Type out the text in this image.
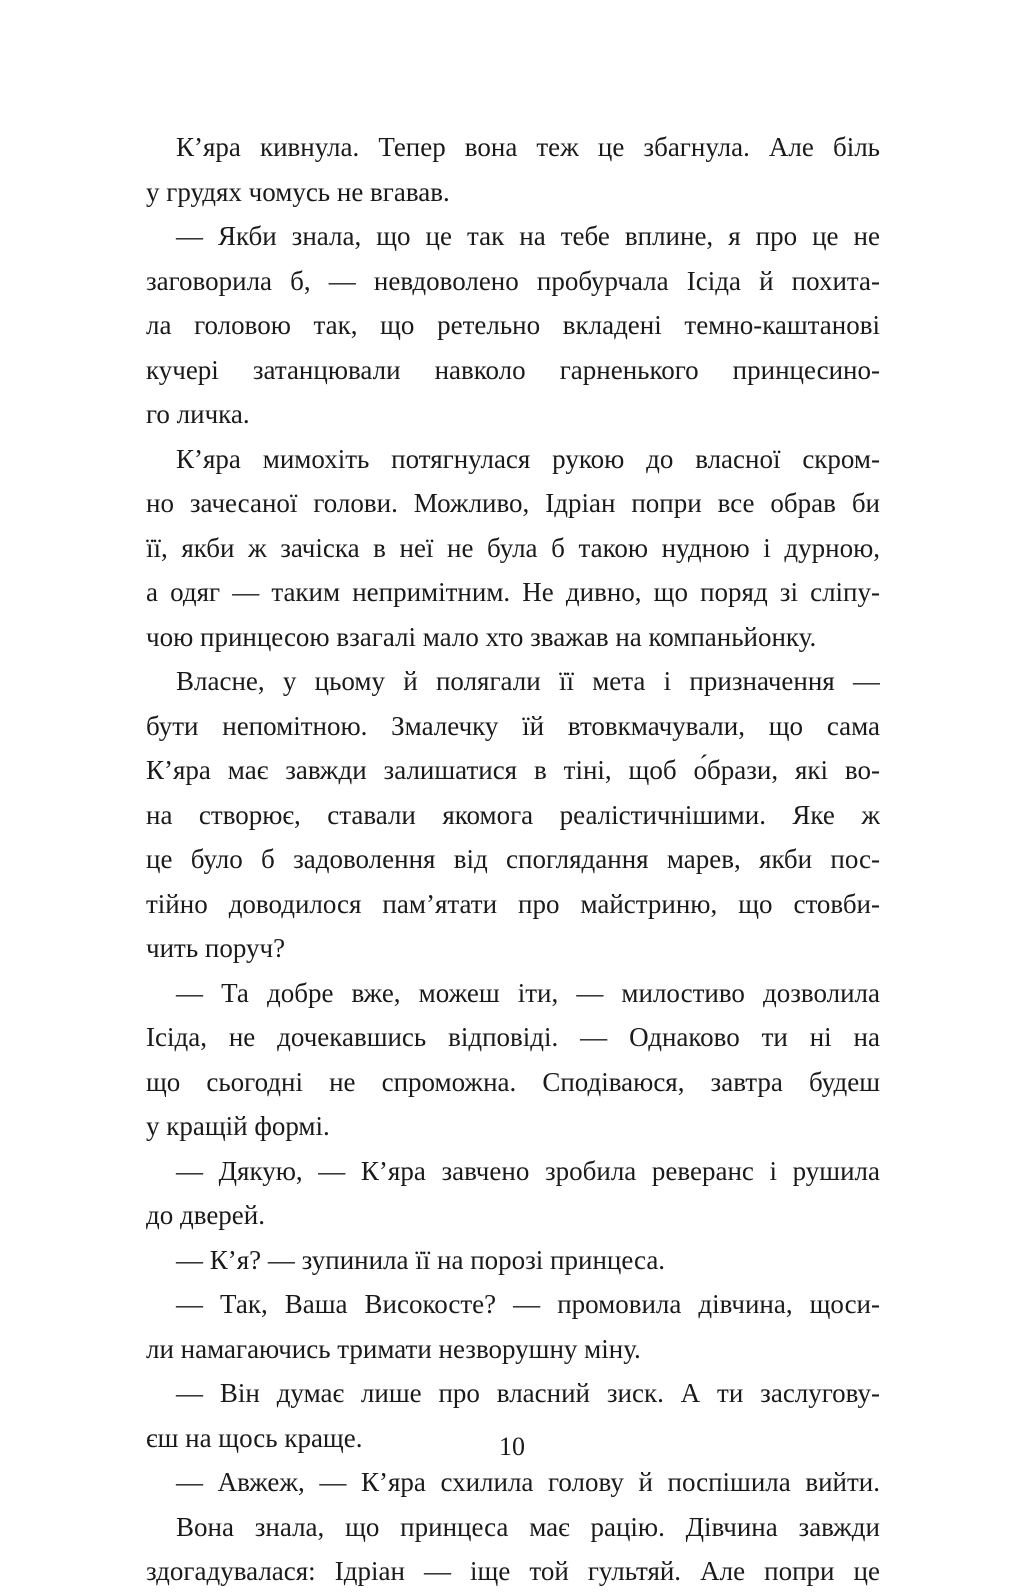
К’яра кивнула. Тепер вона теж це збагнула. Але біль
у грудях чомусь не вгавав.
— Якби знала, що це так на тебе вплине, я про це не
заговорила б, — невдоволено пробурчала Ісіда й похита-
ла головою так, що ретельно вкладені темно-каштанові
кучері затанцювали навколо гарненького принцесино-
го личка.
К’яра мимохіть потягнулася рукою до власної скром-
но зачесаної голови. Можливо, Ідріан попри все обрав би
її, якби ж зачіска в неї не була б такою нудною і дурною,
а одяг — таким непримітним. Не дивно, що поряд зі сліпу-
чою принцесою взагалі мало хто зважав на компаньйонку.
Власне, у цьому й полягали її мета і призначення —
бути непомітною. Змалечку їй втовкмачували, що сама
К’яра має завжди залишатися в тіні, щоб о́брази, які во-
на створює, ставали якомога реалістичнішими. Яке ж
це було б задоволення від споглядання марев, якби пос-
тійно доводилося пам’ятати про майстриню, що стовби-
чить поруч?
— Та добре вже, можеш іти, — милостиво дозволила
Ісіда, не дочекавшись відповіді. — Однаково ти ні на
що сьогодні не спроможна. Сподіваюся, завтра будеш
у кращій формі.
— Дякую, — К’яра завчено зробила реверанс і рушила
до дверей.
— К’я? — зупинила її на порозі принцеса.
— Так, Ваша Високосте? — промовила дівчина, щоси-
ли намагаючись тримати незворушну міну.
— Він думає лише про власний зиск. А ти заслугову-
єш на щось краще.
— Авжеж, — К’яра схилила голову й поспішила вийти.
Вона знала, що принцеса має рацію. Дівчина завжди
здогадувалася: Ідріан — іще той гультяй. Але попри це
10
